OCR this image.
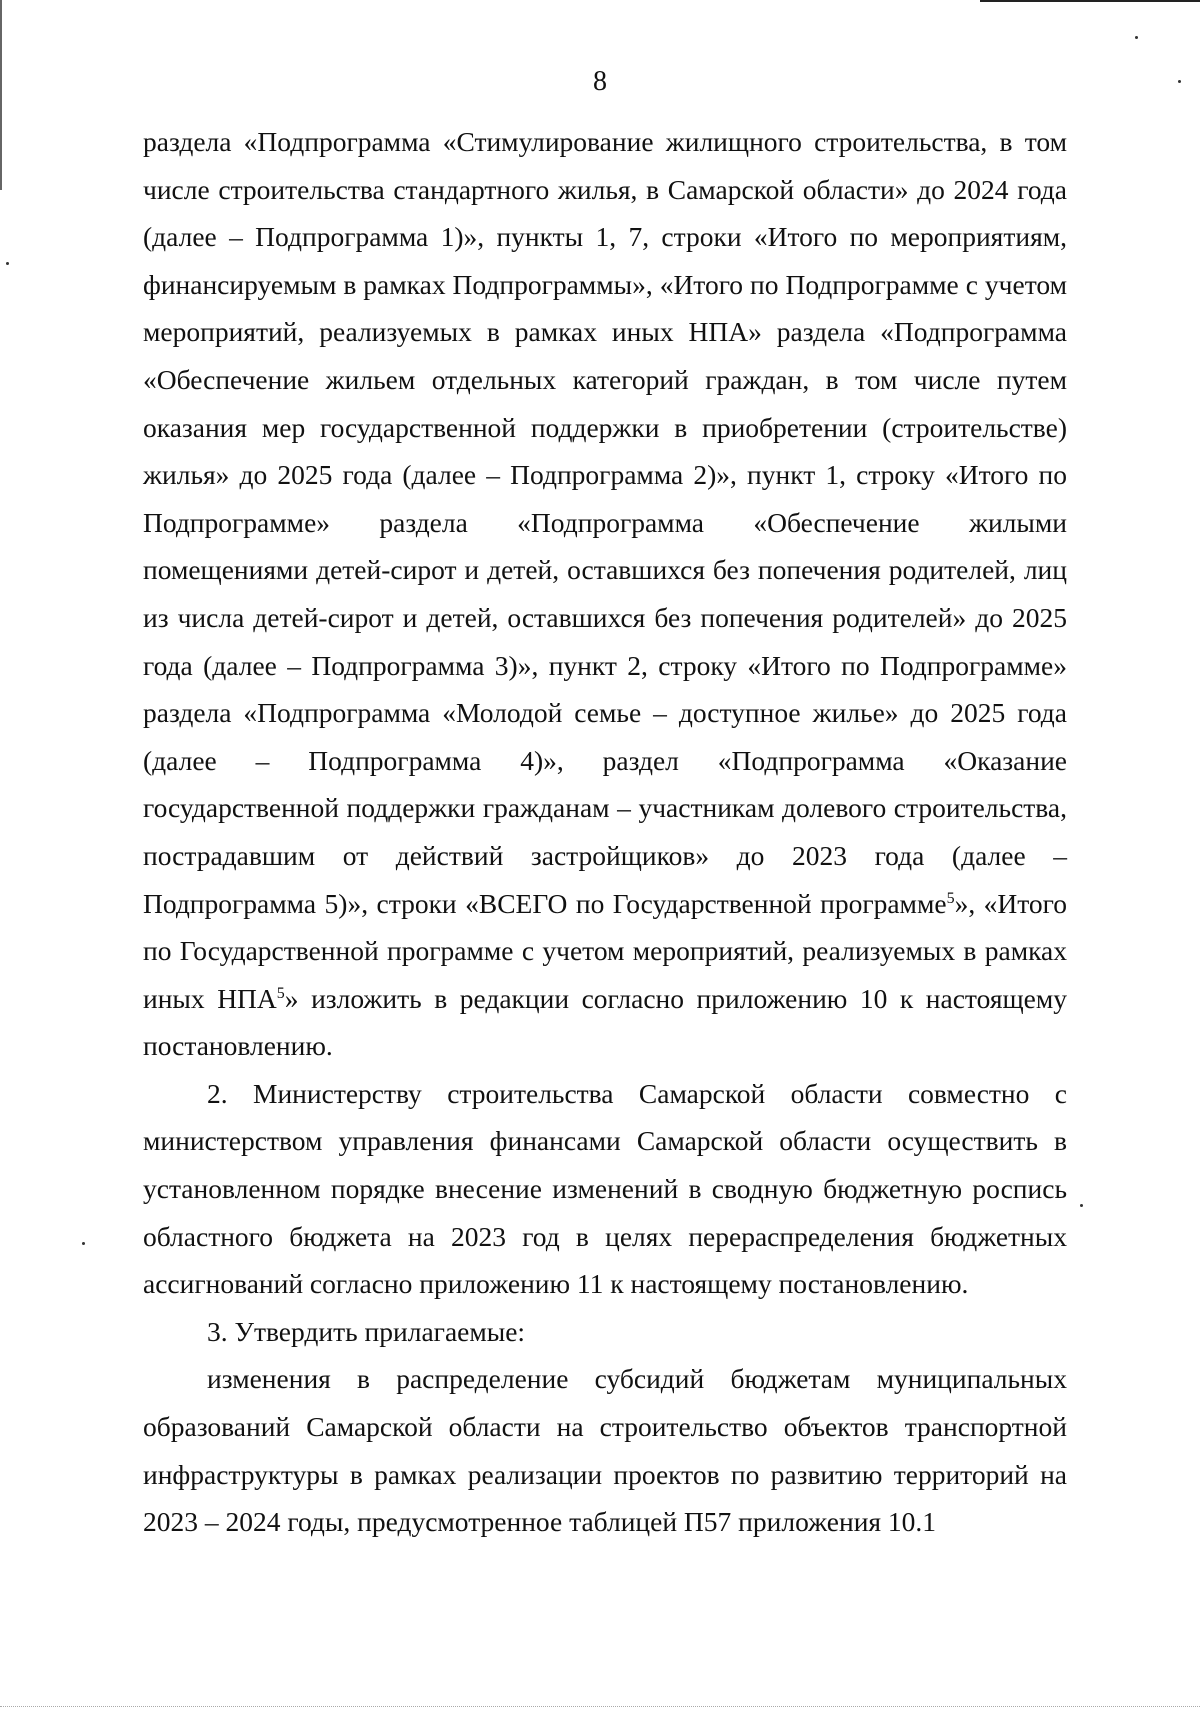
8

раздела «Подпрограмма «Стимулирование жилищного строительства, в том числе строительства стандартного жилья, в Самарской области» до 2024 года (далее – Подпрограмма 1)», пункты 1, 7, строки «Итого по мероприятиям, финансируемым в рамках Подпрограммы», «Итого по Подпрограмме с учетом мероприятий, реализуемых в рамках иных НПА» раздела «Подпрограмма «Обеспечение жильем отдельных категорий граждан, в том числе путем оказания мер государственной поддержки в приобретении (строительстве) жилья» до 2025 года (далее – Подпрограмма 2)», пункт 1, строку «Итого по Подпрограмме» раздела «Подпрограмма «Обеспечение жилыми помещениями детей-сирот и детей, оставшихся без попечения родителей, лиц из числа детей-сирот и детей, оставшихся без попечения родителей» до 2025 года (далее – Подпрограмма 3)», пункт 2, строку «Итого по Подпрограмме» раздела «Подпрограмма «Молодой семье – доступное жилье» до 2025 года (далее – Подпрограмма 4)», раздел «Подпрограмма «Оказание государственной поддержки гражданам – участникам долевого строительства, пострадавшим от действий застройщиков» до 2023 года (далее – Подпрограмма 5)», строки «ВСЕГО по Государственной программе$^5$», «Итого по Государственной программе с учетом мероприятий, реализуемых в рамках иных НПА$^5$» изложить в редакции согласно приложению 10 к настоящему постановлению.

2. Министерству строительства Самарской области совместно с министерством управления финансами Самарской области осуществить в установленном порядке внесение изменений в сводную бюджетную роспись областного бюджета на 2023 год в целях перераспределения бюджетных ассигнований согласно приложению 11 к настоящему постановлению.

3. Утвердить прилагаемые:

изменения в распределение субсидий бюджетам муниципальных образований Самарской области на строительство объектов транспортной инфраструктуры в рамках реализации проектов по развитию территорий на 2023 – 2024 годы, предусмотренное таблицей П57 приложения 10.1
